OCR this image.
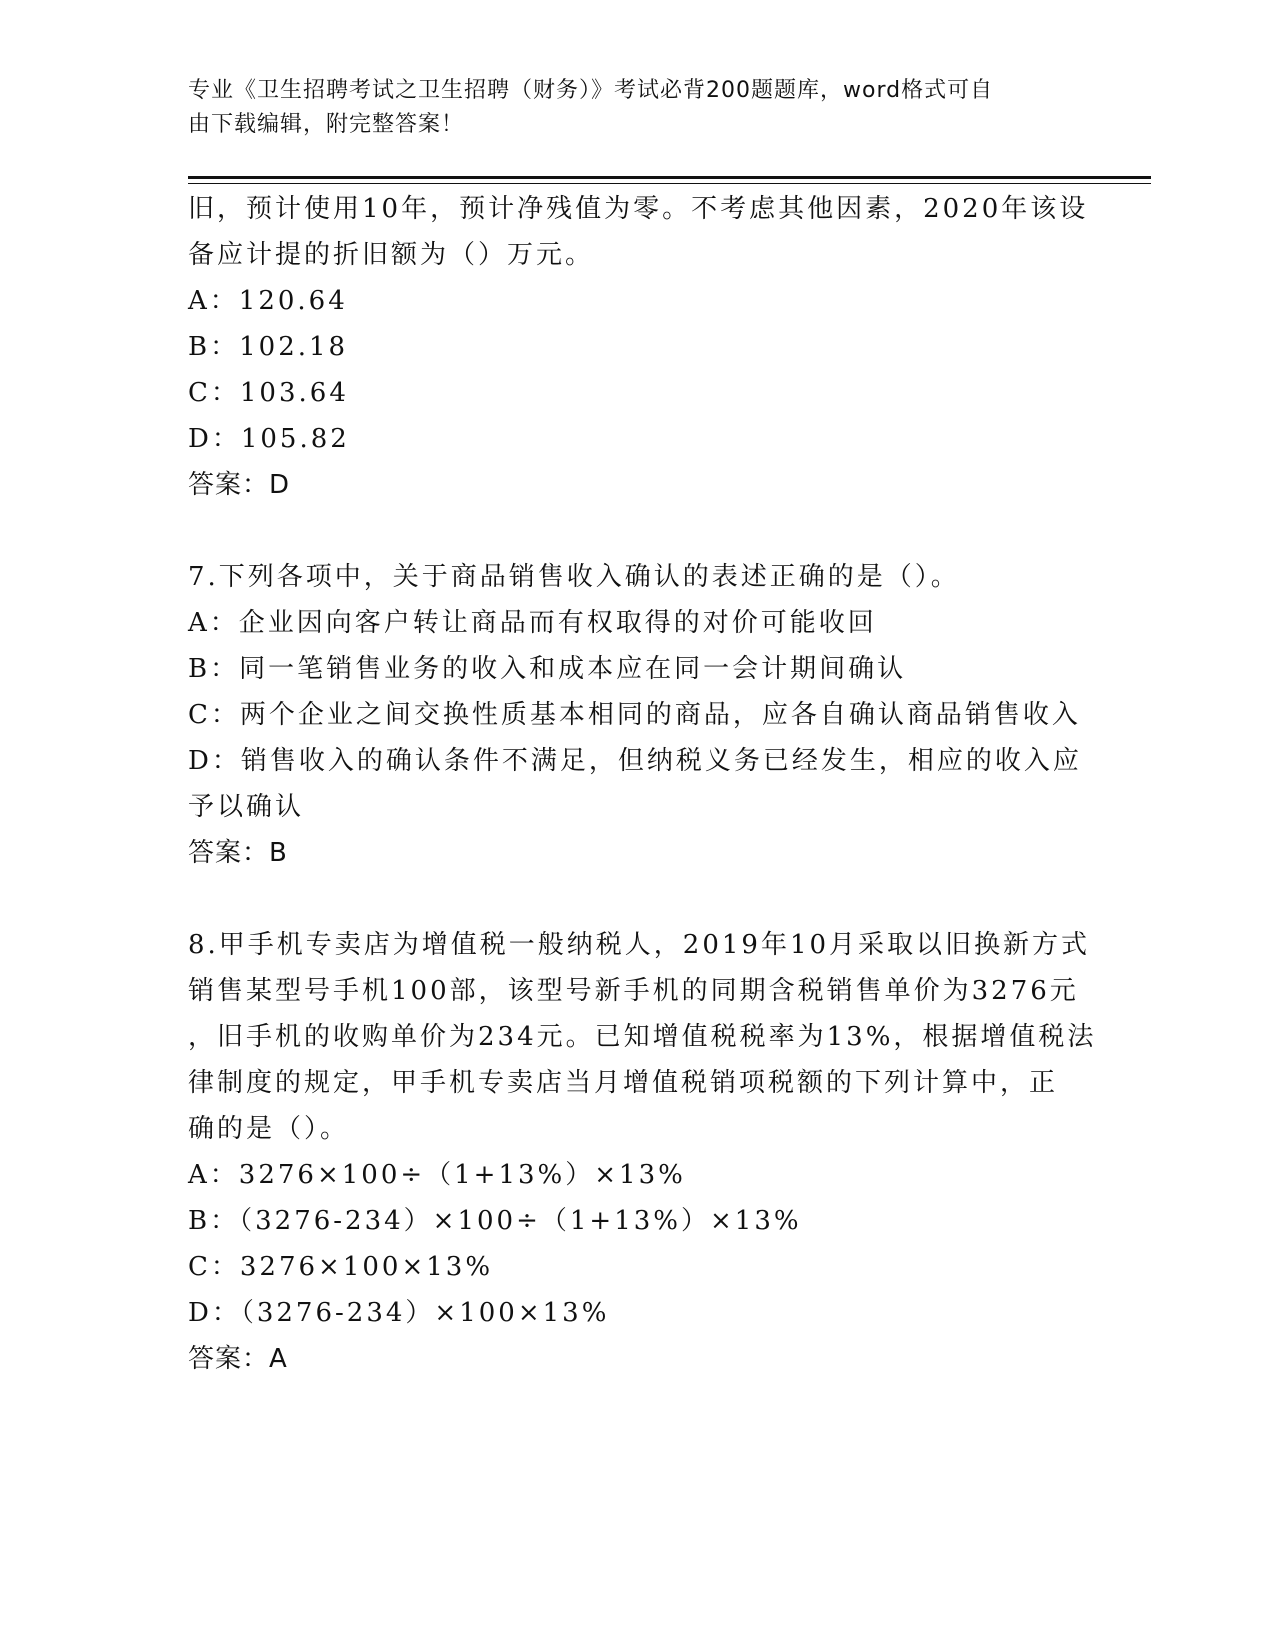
专业《卫生招聘考试之卫生招聘（财务）》考试必背200题题库，word格式可自
由下载编辑，附完整答案！
旧，预计使用10年，预计净残值为零。不考虑其他因素，2020年该设
备应计提的折旧额为（）万元。
A：120.64
B：102.18
C：103.64
D：105.82
答案：D
7.下列各项中，关于商品销售收入确认的表述正确的是（）。
A：企业因向客户转让商品而有权取得的对价可能收回
B：同一笔销售业务的收入和成本应在同一会计期间确认
C：两个企业之间交换性质基本相同的商品，应各自确认商品销售收入
D：销售收入的确认条件不满足，但纳税义务已经发生，相应的收入应
予以确认
答案：B
8.甲手机专卖店为增值税一般纳税人，2019年10月采取以旧换新方式
销售某型号手机100部，该型号新手机的同期含税销售单价为3276元
，旧手机的收购单价为234元。已知增值税税率为13%，根据增值税法
律制度的规定，甲手机专卖店当月增值税销项税额的下列计算中，正
确的是（）。
A：3276×100÷（1+13%）×13%
B：（3276-234）×100÷（1+13%）×13%
C：3276×100×13%
D：（3276-234）×100×13%
答案：A
